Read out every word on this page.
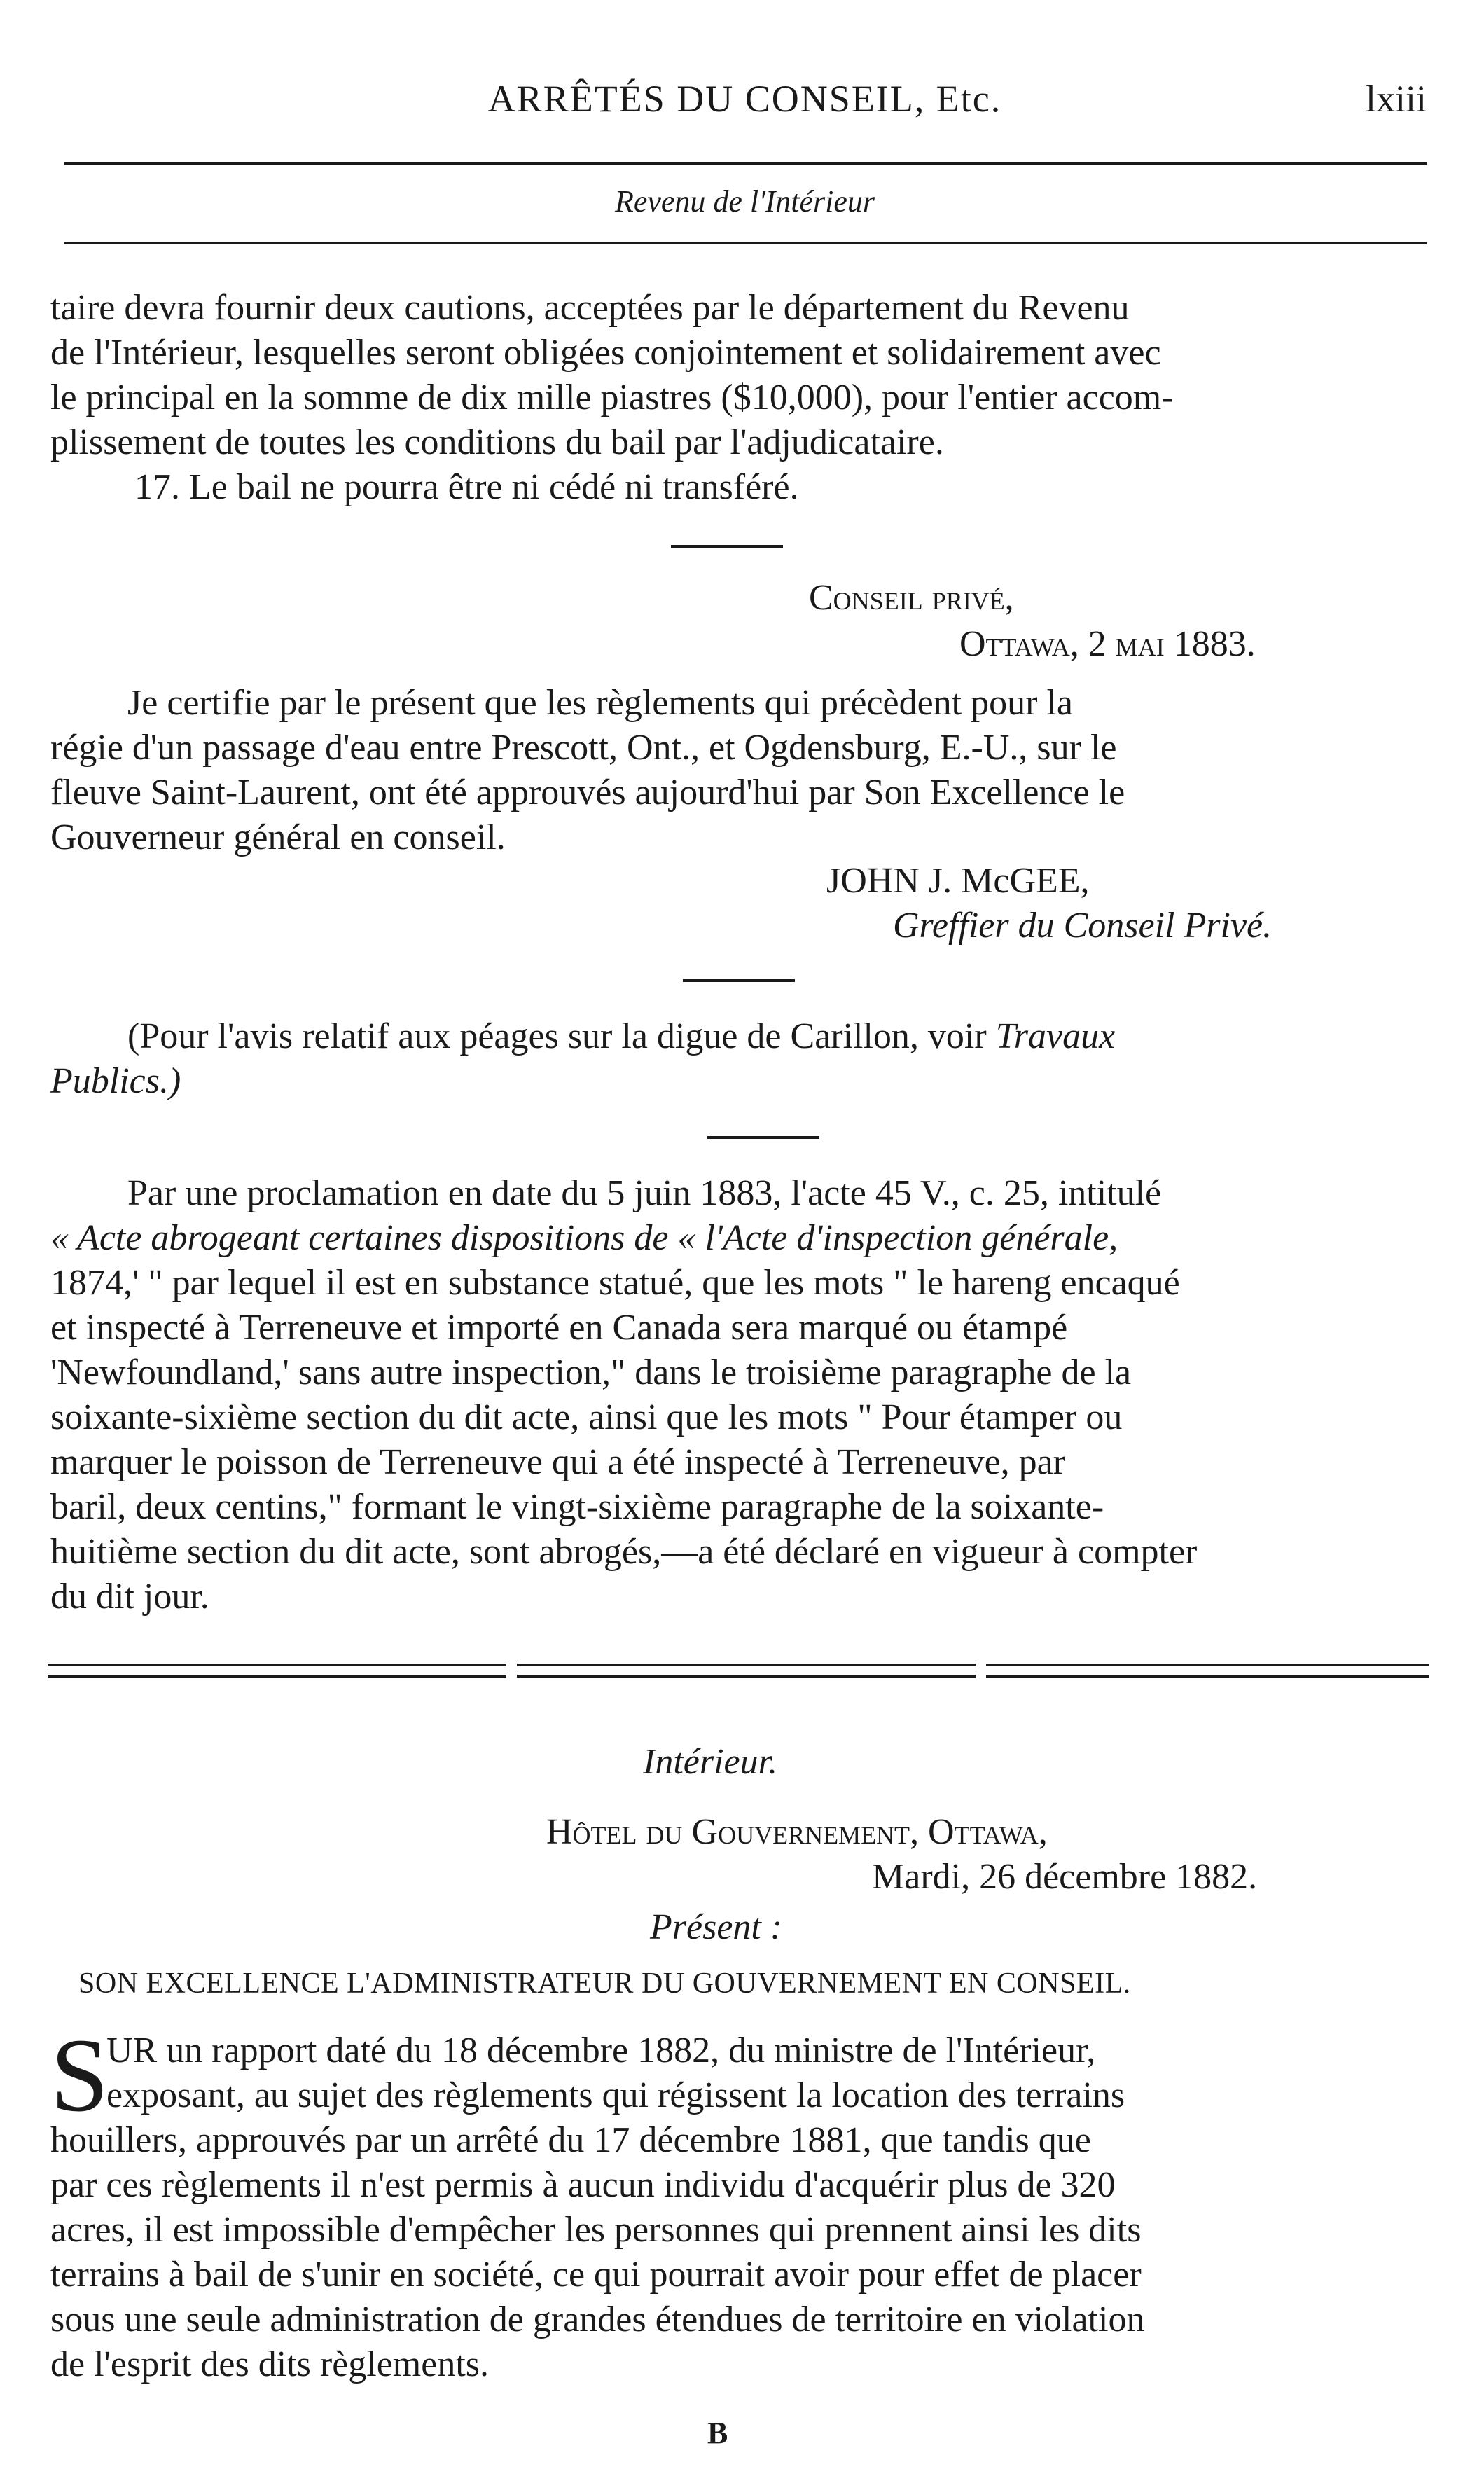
ARRÊTÉS DU CONSEIL, Etc.	lxiii
Revenu de l'Intérieur
taire devra fournir deux cautions, acceptées par le département du Revenu
de l'Intérieur, lesquelles seront obligées conjointement et solidairement avec
le principal en la somme de dix mille piastres ($10,000), pour l'entier accom-
plissement de toutes les conditions du bail par l'adjudicataire.
17. Le bail ne pourra être ni cédé ni transféré.
Conseil privé,
Ottawa, 2 mai 1883.
Je certifie par le présent que les règlements qui précèdent pour la
régie d'un passage d'eau entre Prescott, Ont., et Ogdensburg, E.-U., sur le
fleuve Saint-Laurent, ont été approuvés aujourd'hui par Son Excellence le
Gouverneur général en conseil.
JOHN J. McGEE,
Greffier du Conseil Privé.
(Pour l'avis relatif aux péages sur la digue de Carillon, voir Travaux
Publics.)
Par une proclamation en date du 5 juin 1883, l'acte 45 V., c. 25, intitulé
« Acte abrogeant certaines dispositions de « l'Acte d'inspection générale,
1874,' " par lequel il est en substance statué, que les mots " le hareng encaqué
et inspecté à Terreneuve et importé en Canada sera marqué ou étampé
'Newfoundland,' sans autre inspection," dans le troisième paragraphe de la
soixante-sixième section du dit acte, ainsi que les mots " Pour étamper ou
marquer le poisson de Terreneuve qui a été inspecté à Terreneuve, par
baril, deux centins," formant le vingt-sixième paragraphe de la soixante-
huitième section du dit acte, sont abrogés,—a été déclaré en vigueur à compter
du dit jour.
Intérieur.
Hôtel du Gouvernement, Ottawa,
Mardi, 26 décembre 1882.
Présent :
SON EXCELLENCE L'ADMINISTRATEUR DU GOUVERNEMENT EN CONSEIL.
S
UR un rapport daté du 18 décembre 1882, du ministre de l'Intérieur,
exposant, au sujet des règlements qui régissent la location des terrains
houillers, approuvés par un arrêté du 17 décembre 1881, que tandis que
par ces règlements il n'est permis à aucun individu d'acquérir plus de 320
acres, il est impossible d'empêcher les personnes qui prennent ainsi les dits
terrains à bail de s'unir en société, ce qui pourrait avoir pour effet de placer
sous une seule administration de grandes étendues de territoire en violation
de l'esprit des dits règlements.
B
